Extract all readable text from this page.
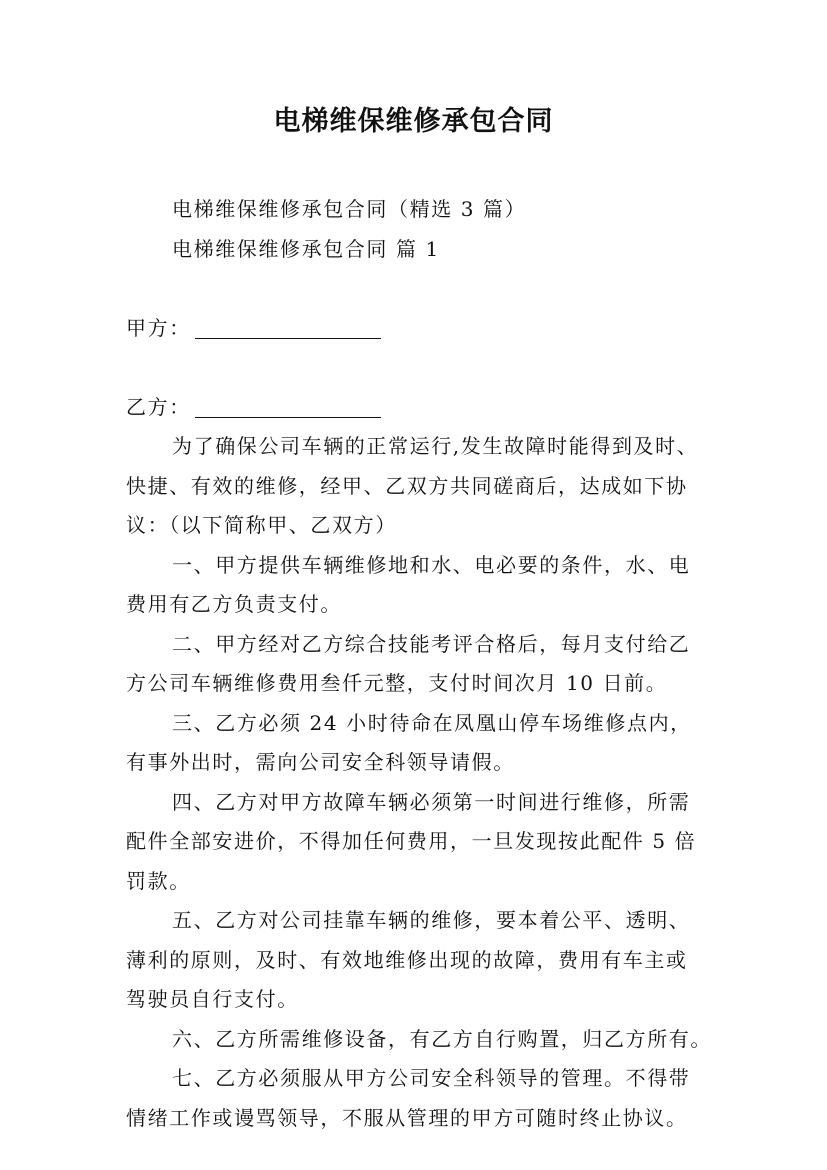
电梯维保维修承包合同
电梯维保维修承包合同（精选 3 篇）
电梯维保维修承包合同 篇 1

甲方：

乙方：

为了确保公司车辆的正常运行,发生故障时能得到及时、
快捷、有效的维修，经甲、乙双方共同磋商后，达成如下协
议：（以下简称甲、乙双方）
一、甲方提供车辆维修地和水、电必要的条件，水、电
费用有乙方负责支付。
二、甲方经对乙方综合技能考评合格后，每月支付给乙
方公司车辆维修费用叁仟元整，支付时间次月 10 日前。
三、乙方必须 24 小时待命在凤凰山停车场维修点内，
有事外出时，需向公司安全科领导请假。
四、乙方对甲方故障车辆必须第一时间进行维修，所需
配件全部安进价，不得加任何费用，一旦发现按此配件 5 倍
罚款。
五、乙方对公司挂靠车辆的维修，要本着公平、透明、
薄利的原则，及时、有效地维修出现的故障，费用有车主或
驾驶员自行支付。
六、乙方所需维修设备，有乙方自行购置，归乙方所有。
七、乙方必须服从甲方公司安全科领导的管理。不得带
情绪工作或谩骂领导，不服从管理的甲方可随时终止协议。
